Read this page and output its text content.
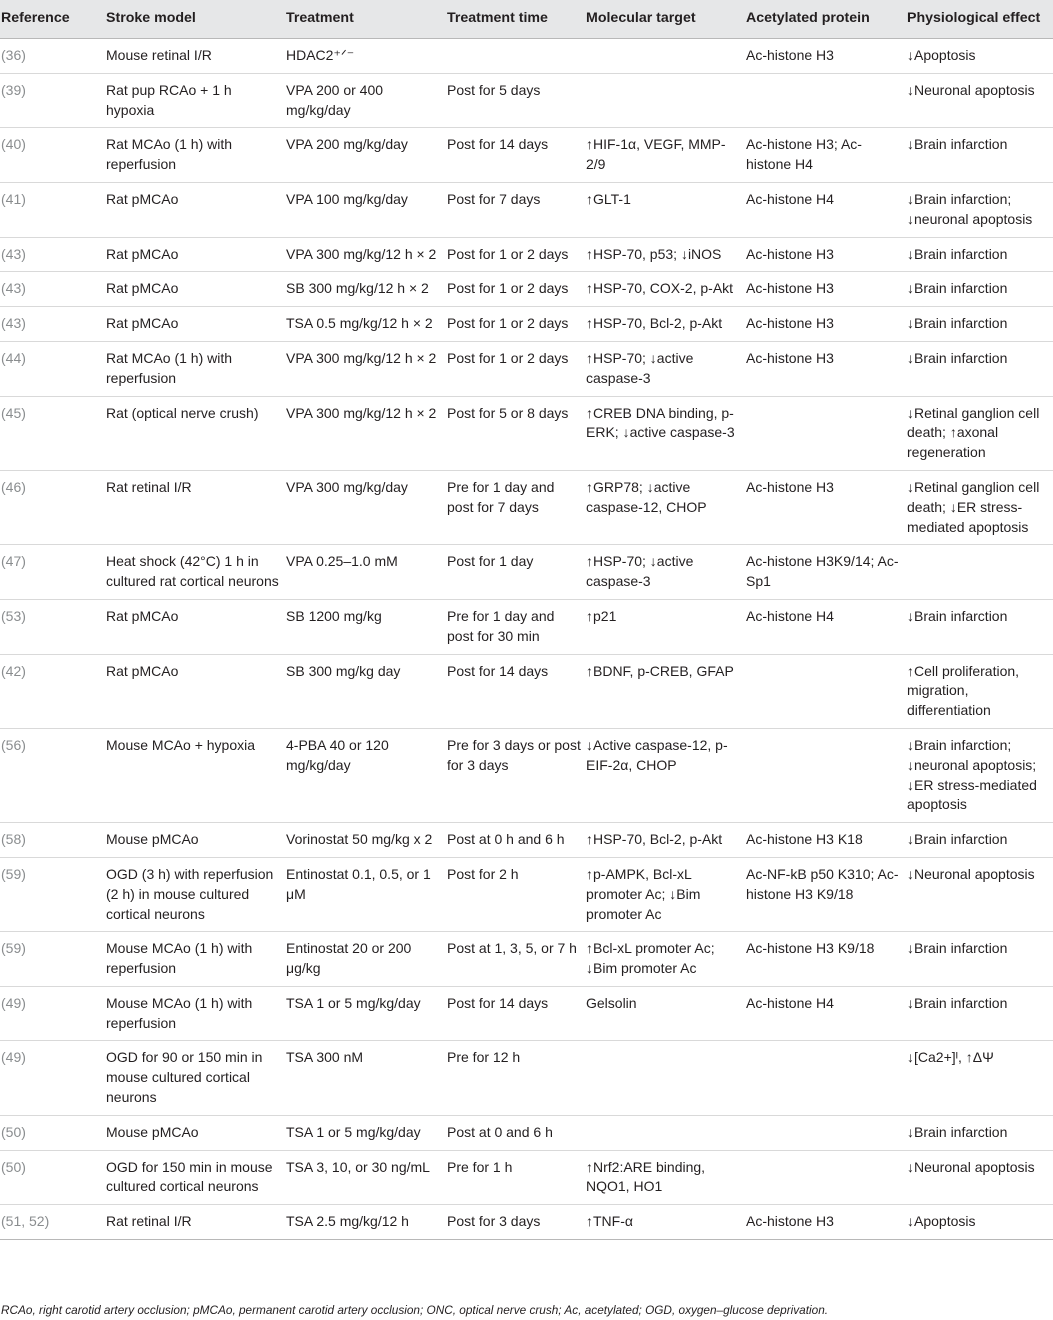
Reference	Stroke model	Treatment	Treatment time	Molecular target	Acetylated protein	Physiological effect
(36)	Mouse retinal I/R	HDAC2⁺ᐟ⁻			Ac-histone H3	↓Apoptosis
(39)	Rat pup RCAo + 1 h hypoxia	VPA 200 or 400 mg/kg/day	Post for 5 days			↓Neuronal apoptosis
(40)	Rat MCAo (1 h) with reperfusion	VPA 200 mg/kg/day	Post for 14 days	↑HIF-1α, VEGF, MMP-2/9	Ac-histone H3; Ac-histone H4	↓Brain infarction
(41)	Rat pMCAo	VPA 100 mg/kg/day	Post for 7 days	↑GLT-1	Ac-histone H4	↓Brain infarction; ↓neuronal apoptosis
(43)	Rat pMCAo	VPA 300 mg/kg/12 h × 2	Post for 1 or 2 days	↑HSP-70, p53; ↓iNOS	Ac-histone H3	↓Brain infarction
(43)	Rat pMCAo	SB 300 mg/kg/12 h × 2	Post for 1 or 2 days	↑HSP-70, COX-2, p-Akt	Ac-histone H3	↓Brain infarction
(43)	Rat pMCAo	TSA 0.5 mg/kg/12 h × 2	Post for 1 or 2 days	↑HSP-70, Bcl-2, p-Akt	Ac-histone H3	↓Brain infarction
(44)	Rat MCAo (1 h) with reperfusion	VPA 300 mg/kg/12 h × 2	Post for 1 or 2 days	↑HSP-70; ↓active caspase-3	Ac-histone H3	↓Brain infarction
(45)	Rat (optical nerve crush)	VPA 300 mg/kg/12 h × 2	Post for 5 or 8 days	↑CREB DNA binding, p-ERK; ↓active caspase-3		↓Retinal ganglion cell death; ↑axonal regeneration
(46)	Rat retinal I/R	VPA 300 mg/kg/day	Pre for 1 day and post for 7 days	↑GRP78; ↓active caspase-12, CHOP	Ac-histone H3	↓Retinal ganglion cell death; ↓ER stress-mediated apoptosis
(47)	Heat shock (42°C) 1 h in cultured rat cortical neurons	VPA 0.25–1.0 mM	Post for 1 day	↑HSP-70; ↓active caspase-3	Ac-histone H3K9/14; Ac-Sp1	
(53)	Rat pMCAo	SB 1200 mg/kg	Pre for 1 day and post for 30 min	↑p21	Ac-histone H4	↓Brain infarction
(42)	Rat pMCAo	SB 300 mg/kg day	Post for 14 days	↑BDNF, p-CREB, GFAP		↑Cell proliferation, migration, differentiation
(56)	Mouse MCAo + hypoxia	4-PBA 40 or 120 mg/kg/day	Pre for 3 days or post for 3 days	↓Active caspase-12, p-EIF-2α, CHOP		↓Brain infarction; ↓neuronal apoptosis; ↓ER stress-mediated apoptosis
(58)	Mouse pMCAo	Vorinostat 50 mg/kg x 2	Post at 0 h and 6 h	↑HSP-70, Bcl-2, p-Akt	Ac-histone H3 K18	↓Brain infarction
(59)	OGD (3 h) with reperfusion (2 h) in mouse cultured cortical neurons	Entinostat 0.1, 0.5, or 1 μM	Post for 2 h	↑p-AMPK, Bcl-xL promoter Ac; ↓Bim promoter Ac	Ac-NF-kB p50 K310; Ac-histone H3 K9/18	↓Neuronal apoptosis
(59)	Mouse MCAo (1 h) with reperfusion	Entinostat 20 or 200 μg/kg	Post at 1, 3, 5, or 7 h	↑Bcl-xL promoter Ac; ↓Bim promoter Ac	Ac-histone H3 K9/18	↓Brain infarction
(49)	Mouse MCAo (1 h) with reperfusion	TSA 1 or 5 mg/kg/day	Post for 14 days	Gelsolin	Ac-histone H4	↓Brain infarction
(49)	OGD for 90 or 150 min in mouse cultured cortical neurons	TSA 300 nM	Pre for 12 h			↓[Ca2+]ᴵ, ↑ΔΨ
(50)	Mouse pMCAo	TSA 1 or 5 mg/kg/day	Post at 0 and 6 h			↓Brain infarction
(50)	OGD for 150 min in mouse cultured cortical neurons	TSA 3, 10, or 30 ng/mL	Pre for 1 h	↑Nrf2:ARE binding, NQO1, HO1		↓Neuronal apoptosis
(51, 52)	Rat retinal I/R	TSA 2.5 mg/kg/12 h	Post for 3 days	↑TNF-α	Ac-histone H3	↓Apoptosis
RCAo, right carotid artery occlusion; pMCAo, permanent carotid artery occlusion; ONC, optical nerve crush; Ac, acetylated; OGD, oxygen–glucose deprivation.
